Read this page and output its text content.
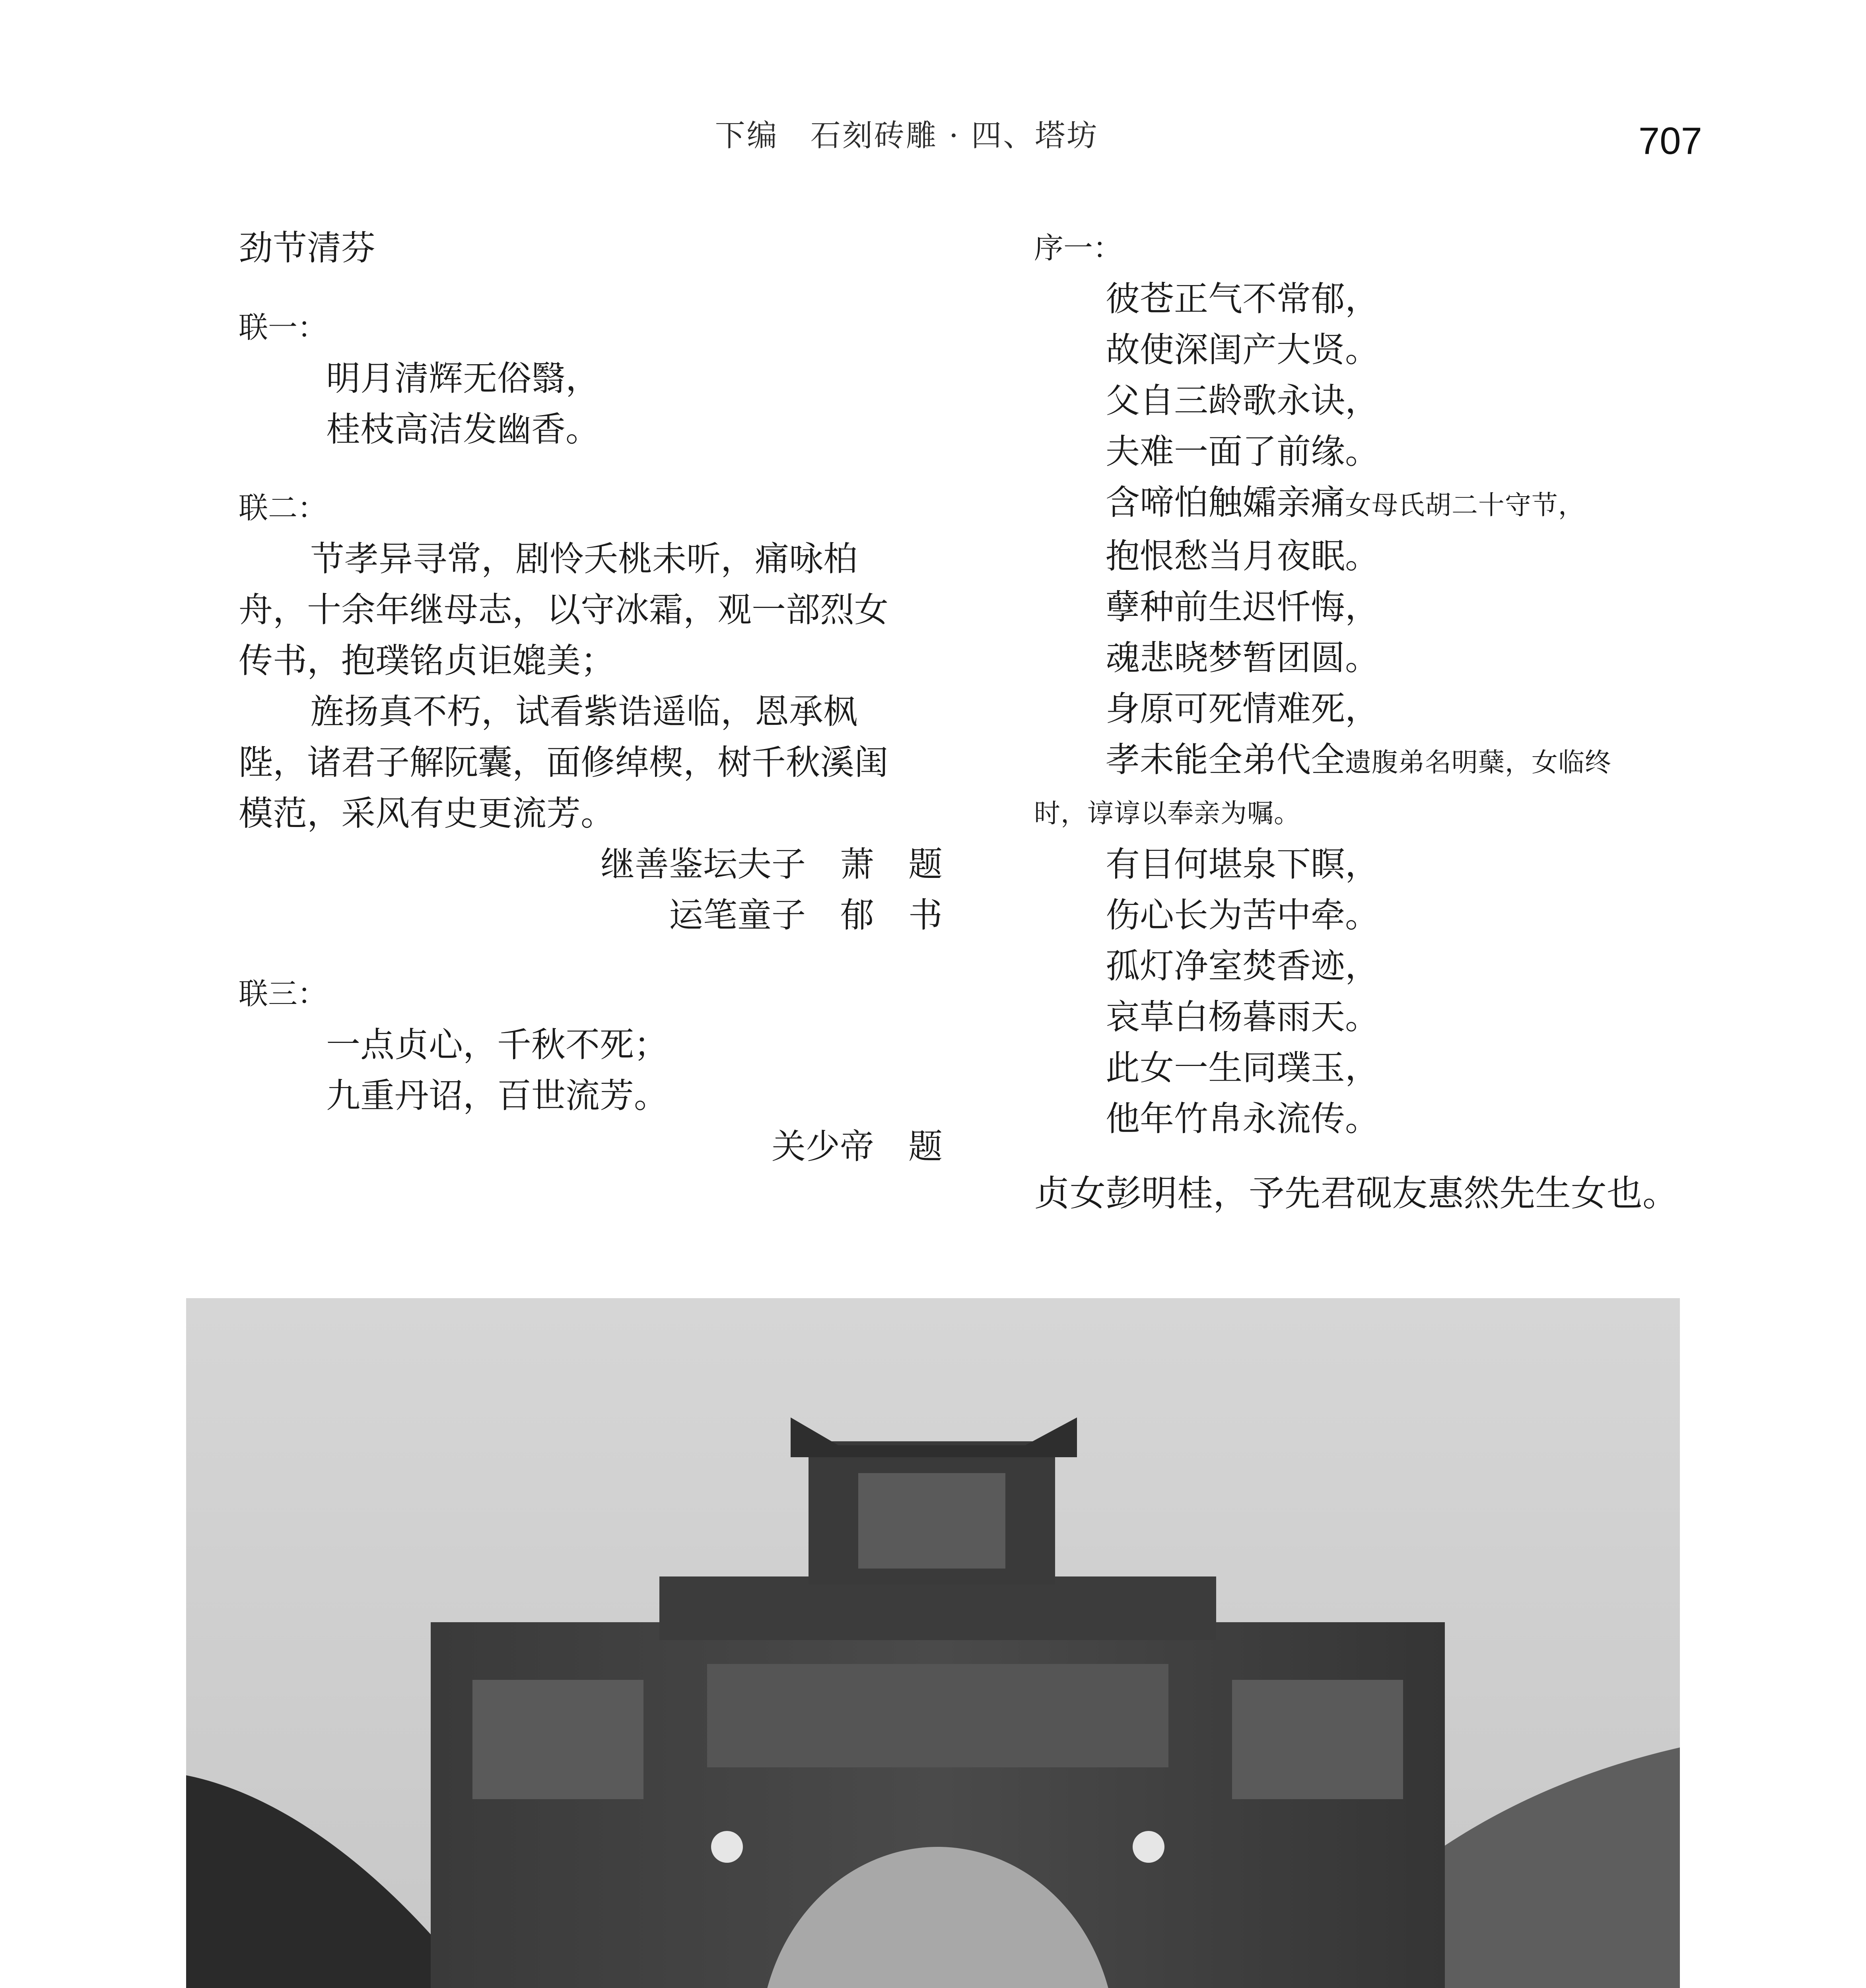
下编　石刻砖雕 · 四、塔坊	707
劲节清芬
联一：
明月清辉无俗翳，
桂枝高洁发幽香。
联二：
节孝异寻常，剧怜夭桃未听，痛咏柏
舟，十余年继母志，以守冰霜，观一部烈女
传书，抱璞铭贞讵媲美；
旌扬真不朽，试看紫诰遥临，恩承枫
陛，诸君子解阮囊，面修绰楔，树千秋溪闺
模范，采风有史更流芳。
继善鉴坛夫子　萧　题
运笔童子　郁　书
联三：
一点贞心，千秋不死；
九重丹诏，百世流芳。
关少帝　题
序一：
彼苍正气不常郁，
故使深闺产大贤。
父自三龄歌永诀，
夫难一面了前缘。
含啼怕触孀亲痛女母氏胡二十守节，
抱恨愁当月夜眠。
孽种前生迟忏悔，
魂悲晓梦暂团圆。
身原可死情难死，
孝未能全弟代全遗腹弟名明蘖，女临终
时，谆谆以奉亲为嘱。
有目何堪泉下瞑，
伤心长为苦中牵。
孤灯净室焚香迹，
哀草白杨暮雨天。
此女一生同璞玉，
他年竹帛永流传。
贞女彭明桂，予先君砚友惠然先生女也。
